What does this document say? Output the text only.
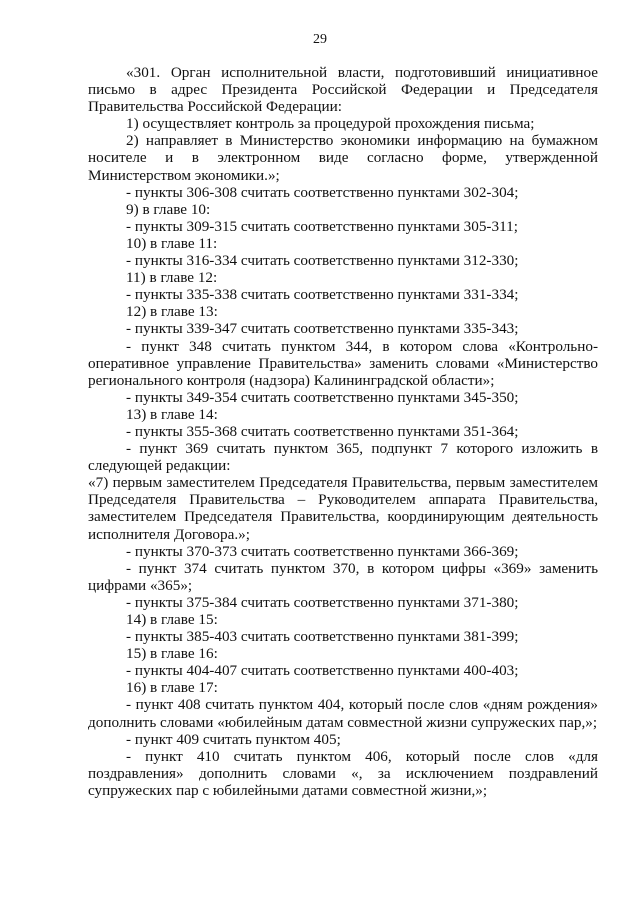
29

«301. Орган исполнительной власти, подготовивший инициативное письмо в адрес Президента Российской Федерации и Председателя Правительства Российской Федерации:

1) осуществляет контроль за процедурой прохождения письма;

2) направляет в Министерство экономики информацию на бумажном носителе и в электронном виде согласно форме, утвержденной Министерством экономики.»;

- пункты 306-308 считать соответственно пунктами 302-304;

9) в главе 10:

- пункты 309-315 считать соответственно пунктами 305-311;

10) в главе 11:

- пункты 316-334 считать соответственно пунктами 312-330;

11) в главе 12:

- пункты 335-338 считать соответственно пунктами 331-334;

12) в главе 13:

- пункты 339-347 считать соответственно пунктами 335-343;

- пункт 348 считать пунктом 344, в котором слова «Контрольно-оперативное управление Правительства» заменить словами «Министерство регионального контроля (надзора) Калининградской области»;

- пункты 349-354 считать соответственно пунктами 345-350;

13) в главе 14:

- пункты 355-368 считать соответственно пунктами 351-364;

- пункт 369 считать пунктом 365, подпункт 7 которого изложить в следующей редакции:

«7) первым заместителем Председателя Правительства, первым заместителем Председателя Правительства – Руководителем аппарата Правительства, заместителем Председателя Правительства, координирующим деятельность исполнителя Договора.»;

- пункты 370-373 считать соответственно пунктами 366-369;

- пункт 374 считать пунктом 370, в котором цифры «369» заменить цифрами «365»;

- пункты 375-384 считать соответственно пунктами 371-380;

14) в главе 15:

- пункты 385-403 считать соответственно пунктами 381-399;

15) в главе 16:

- пункты 404-407 считать соответственно пунктами 400-403;

16) в главе 17:

- пункт 408 считать пунктом 404, который после слов «дням рождения» дополнить словами «юбилейным датам совместной жизни супружеских пар,»;

- пункт 409 считать пунктом 405;

- пункт 410 считать пунктом 406, который после слов «для поздравления» дополнить словами «, за исключением поздравлений супружеских пар с юбилейными датами совместной жизни,»;
